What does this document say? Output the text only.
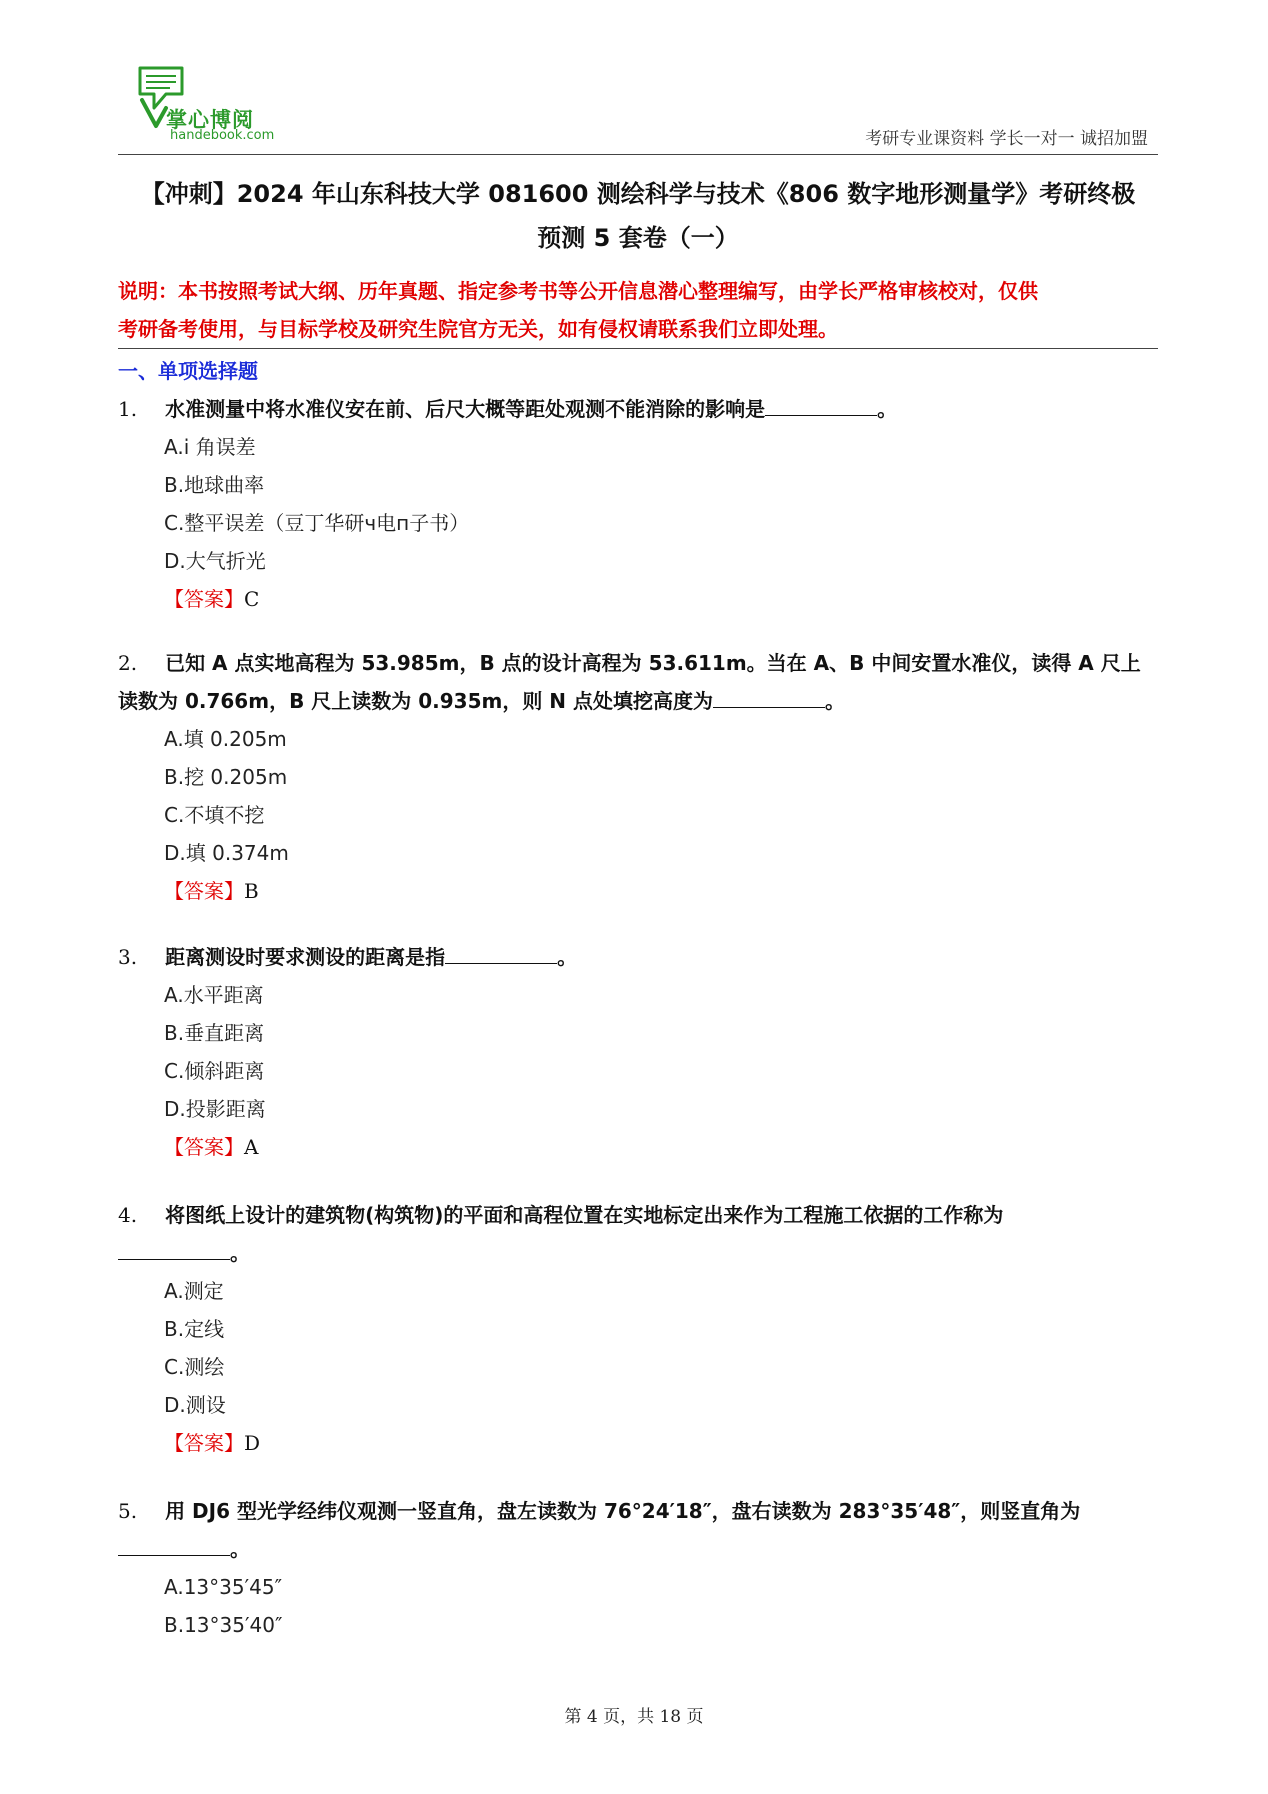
掌心博阅
handebook.com	考研专业课资料 学长一对一 诚招加盟
【冲刺】2024 年山东科技大学 081600 测绘科学与技术《806 数字地形测量学》考研终极
预测 5 套卷（一）
说明：本书按照考试大纲、历年真题、指定参考书等公开信息潜心整理编写，由学长严格审核校对，仅供
考研备考使用，与目标学校及研究生院官方无关，如有侵权请联系我们立即处理。
一、单项选择题
1. 水准测量中将水准仪安在前、后尺大概等距处观测不能消除的影响是	。
A.i 角误差
B.地球曲率
C.整平误差（豆丁华研ч电п子书）
D.大气折光
【答案】C
2. 已知 A 点实地高程为 53.985m，B 点的设计高程为 53.611m。当在 A、B 中间安置水准仪，读得 A 尺上读数为 0.766m，B 尺上读数为 0.935m，则 N 点处填挖高度为	。
A.填 0.205m
B.挖 0.205m
C.不填不挖
D.填 0.374m
【答案】B
3. 距离测设时要求测设的距离是指	。
A.水平距离
B.垂直距离
C.倾斜距离
D.投影距离
【答案】A
4. 将图纸上设计的建筑物(构筑物)的平面和高程位置在实地标定出来作为工程施工依据的工作称为
。
A.测定
B.定线
C.测绘
D.测设
【答案】D
5. 用 DJ6 型光学经纬仪观测一竖直角，盘左读数为 76°24′18″，盘右读数为 283°35′48″，则竖直角为
。
A.13°35′45″
B.13°35′40″
第 4 页，共 18 页
